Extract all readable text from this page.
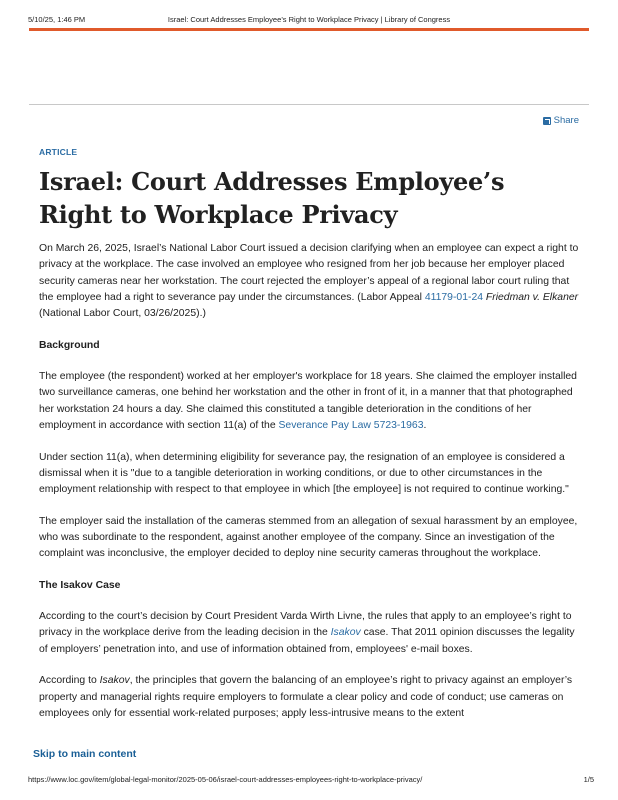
5/10/25, 1:46 PM	Israel: Court Addresses Employee’s Right to Workplace Privacy | Library of Congress
Share

ARTICLE

Israel: Court Addresses Employee’s Right to Workplace Privacy

On March 26, 2025, Israel’s National Labor Court issued a decision clarifying when an employee can expect a right to privacy at the workplace. The case involved an employee who resigned from her job because her employer placed security cameras near her workstation. The court rejected the employer’s appeal of a regional labor court ruling that the employee had a right to severance pay under the circumstances. (Labor Appeal 41179-01-24 Friedman v. Elkaner (National Labor Court, 03/26/2025).)

Background

The employee (the respondent) worked at her employer's workplace for 18 years. She claimed the employer installed two surveillance cameras, one behind her workstation and the other in front of it, in a manner that that photographed her workstation 24 hours a day. She claimed this constituted a tangible deterioration in the conditions of her employment in accordance with section 11(a) of the Severance Pay Law 5723-1963.

Under section 11(a), when determining eligibility for severance pay, the resignation of an employee is considered a dismissal when it is "due to a tangible deterioration in working conditions, or due to other circumstances in the employment relationship with respect to that employee in which [the employee] is not required to continue working."

The employer said the installation of the cameras stemmed from an allegation of sexual harassment by an employee, who was subordinate to the respondent, against another employee of the company. Since an investigation of the complaint was inconclusive, the employer decided to deploy nine security cameras throughout the workplace.

The Isakov Case

According to the court’s decision by Court President Varda Wirth Livne, the rules that apply to an employee’s right to privacy in the workplace derive from the leading decision in the Isakov case. That 2011 opinion discusses the legality of employers’ penetration into, and use of information obtained from, employees' e-mail boxes.

According to Isakov, the principles that govern the balancing of an employee’s right to privacy against an employer’s property and managerial rights require employers to formulate a clear policy and code of conduct; use cameras on employees only for essential work-related purposes; apply less-intrusive means to the extent

Skip to main content
https://www.loc.gov/item/global-legal-monitor/2025-05-06/israel-court-addresses-employees-right-to-workplace-privacy/	1/5
